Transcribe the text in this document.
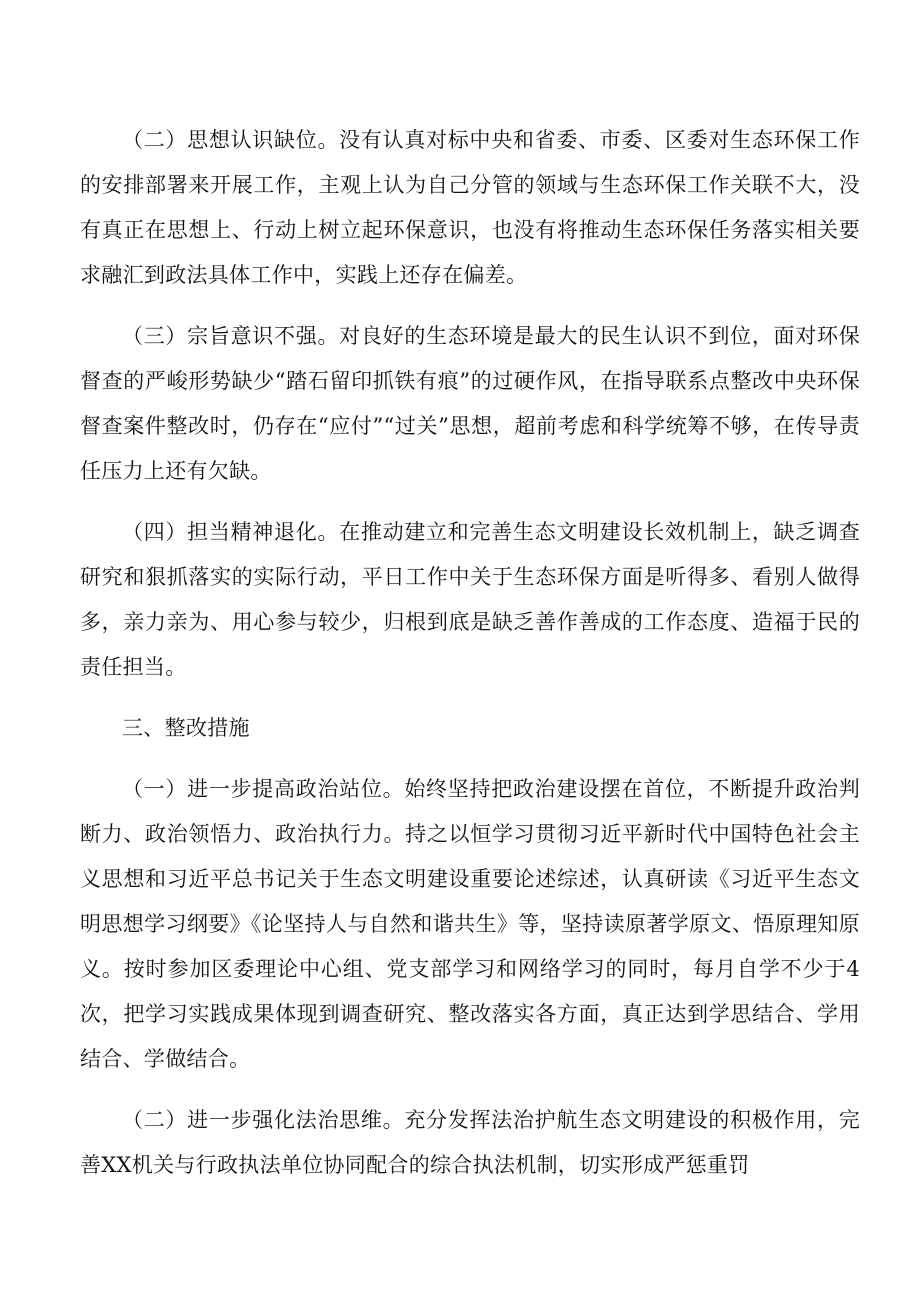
（二）思想认识缺位。没有认真对标中央和省委、市委、区委对生态环保工作的安排部署来开展工作，主观上认为自己分管的领域与生态环保工作关联不大，没有真正在思想上、行动上树立起环保意识，也没有将推动生态环保任务落实相关要求融汇到政法具体工作中，实践上还存在偏差。

（三）宗旨意识不强。对良好的生态环境是最大的民生认识不到位，面对环保督查的严峻形势缺少“踏石留印抓铁有痕”的过硬作风，在指导联系点整改中央环保督查案件整改时，仍存在“应付”“过关”思想，超前考虑和科学统筹不够，在传导责任压力上还有欠缺。

（四）担当精神退化。在推动建立和完善生态文明建设长效机制上，缺乏调查研究和狠抓落实的实际行动，平日工作中关于生态环保方面是听得多、看别人做得多，亲力亲为、用心参与较少，归根到底是缺乏善作善成的工作态度、造福于民的责任担当。

三、整改措施

（一）进一步提高政治站位。始终坚持把政治建设摆在首位，不断提升政治判断力、政治领悟力、政治执行力。持之以恒学习贯彻习近平新时代中国特色社会主义思想和习近平总书记关于生态文明建设重要论述综述，认真研读《习近平生态文明思想学习纲要》《论坚持人与自然和谐共生》等，坚持读原著学原文、悟原理知原义。按时参加区委理论中心组、党支部学习和网络学习的同时，每月自学不少于4次，把学习实践成果体现到调查研究、整改落实各方面，真正达到学思结合、学用结合、学做结合。

（二）进一步强化法治思维。充分发挥法治护航生态文明建设的积极作用，完善XX机关与行政执法单位协同配合的综合执法机制，切实形成严惩重罚
